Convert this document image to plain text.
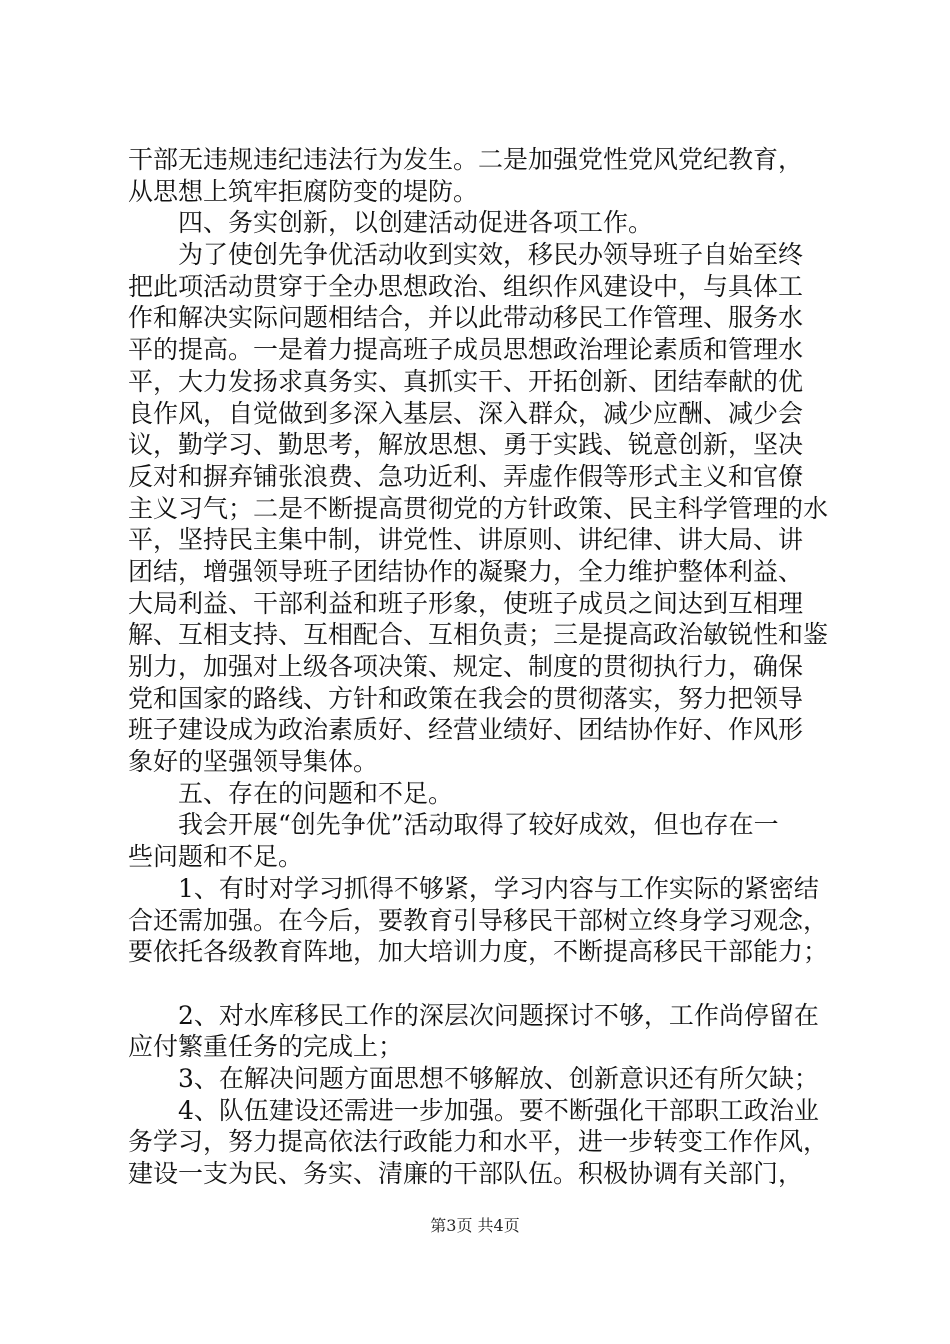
干部无违规违纪违法行为发生。二是加强党性党风党纪教育，
从思想上筑牢拒腐防变的堤防。
四、务实创新，以创建活动促进各项工作。
为了使创先争优活动收到实效，移民办领导班子自始至终
把此项活动贯穿于全办思想政治、组织作风建设中，与具体工
作和解决实际问题相结合，并以此带动移民工作管理、服务水
平的提高。一是着力提高班子成员思想政治理论素质和管理水
平，大力发扬求真务实、真抓实干、开拓创新、团结奉献的优
良作风，自觉做到多深入基层、深入群众，减少应酬、减少会
议，勤学习、勤思考，解放思想、勇于实践、锐意创新，坚决
反对和摒弃铺张浪费、急功近利、弄虚作假等形式主义和官僚
主义习气；二是不断提高贯彻党的方针政策、民主科学管理的水
平，坚持民主集中制，讲党性、讲原则、讲纪律、讲大局、讲
团结，增强领导班子团结协作的凝聚力，全力维护整体利益、
大局利益、干部利益和班子形象，使班子成员之间达到互相理
解、互相支持、互相配合、互相负责；三是提高政治敏锐性和鉴
别力，加强对上级各项决策、规定、制度的贯彻执行力，确保
党和国家的路线、方针和政策在我会的贯彻落实，努力把领导
班子建设成为政治素质好、经营业绩好、团结协作好、作风形
象好的坚强领导集体。
五、存在的问题和不足。
我会开展“创先争优”活动取得了较好成效，但也存在一
些问题和不足。
1、有时对学习抓得不够紧，学习内容与工作实际的紧密结
合还需加强。在今后，要教育引导移民干部树立终身学习观念，
要依托各级教育阵地，加大培训力度，不断提高移民干部能力；
2、对水库移民工作的深层次问题探讨不够，工作尚停留在
应付繁重任务的完成上；
3、在解决问题方面思想不够解放、创新意识还有所欠缺；
4、队伍建设还需进一步加强。要不断强化干部职工政治业
务学习，努力提高依法行政能力和水平，进一步转变工作作风，
建设一支为民、务实、清廉的干部队伍。积极协调有关部门，
第3页 共4页
